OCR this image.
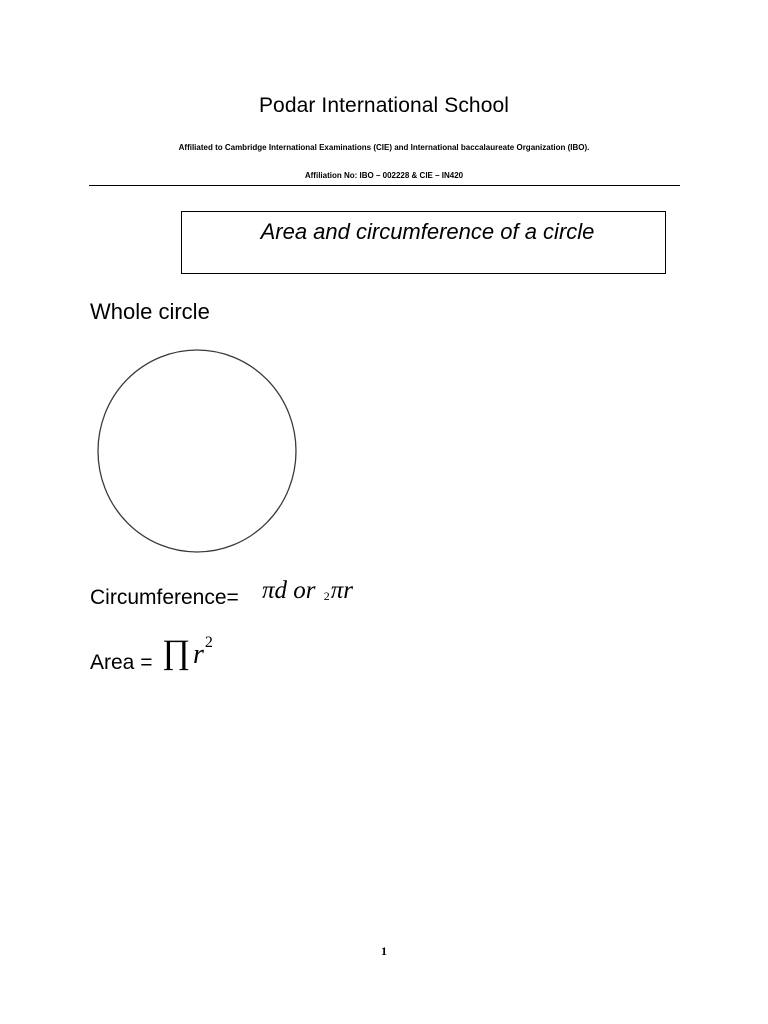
Podar International School
Affiliated to Cambridge International Examinations (CIE) and International baccalaureate Organization (IBO).
Affiliation No: IBO – 002228 & CIE – IN420
Area and circumference of a circle
Whole circle
Circumference= πd or 2πr
Area = ∏ $r^2$
1
